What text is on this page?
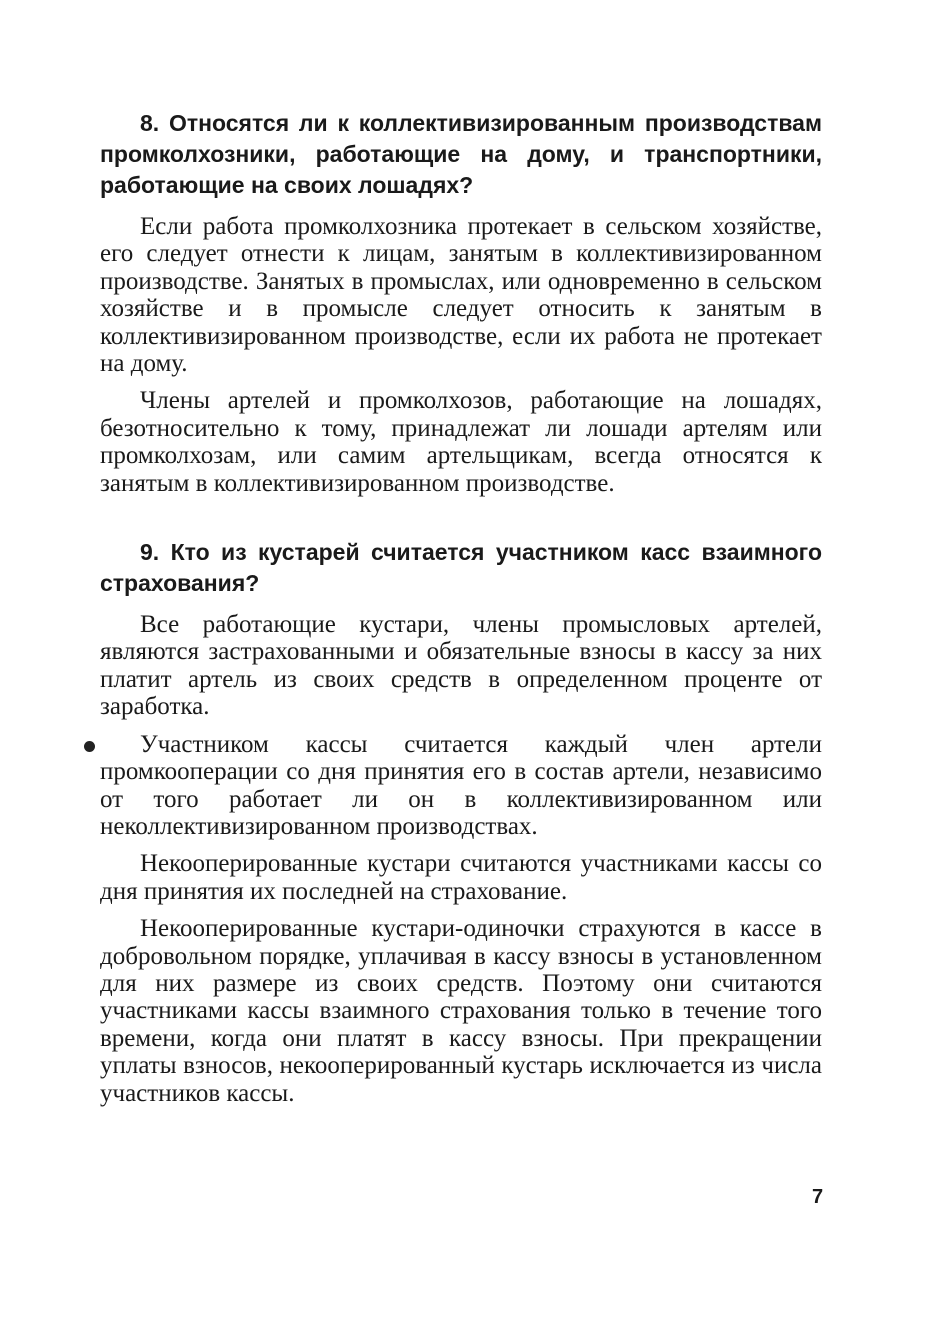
8. Относятся ли к коллективизированным производствам промколхозники, работающие на дому, и транспортники, работающие на своих лошадях?

Если работа промколхозника протекает в сельском хозяйстве, его следует отнести к лицам, занятым в коллективизированном производстве. Занятых в промыслах, или одновременно в сельском хозяйстве и в промысле следует относить к занятым в коллективизированном производстве, если их работа не протекает на дому.

Члены артелей и промколхозов, работающие на лошадях, безотносительно к тому, принадлежат ли лошади артелям или промколхозам, или самим артельщикам, всегда относятся к занятым в коллективизированном производстве.

9. Кто из кустарей считается участником касс взаимного страхования?

Все работающие кустари, члены промысловых артелей, являются застрахованными и обязательные взносы в кассу за них платит артель из своих средств в определенном проценте от заработка.

Участником кассы считается каждый член артели промкооперации со дня принятия его в состав артели, независимо от того работает ли он в коллективизированном или неколлективизированном производствах.

Некооперированные кустари считаются участниками кассы со дня принятия их последней на страхование.

Некооперированные кустари-одиночки страхуются в кассе в добровольном порядке, уплачивая в кассу взносы в установленном для них размере из своих средств. Поэтому они считаются участниками кассы взаимного страхования только в течение того времени, когда они платят в кассу взносы. При прекращении уплаты взносов, некооперированный кустарь исключается из числа участников кассы.

7
